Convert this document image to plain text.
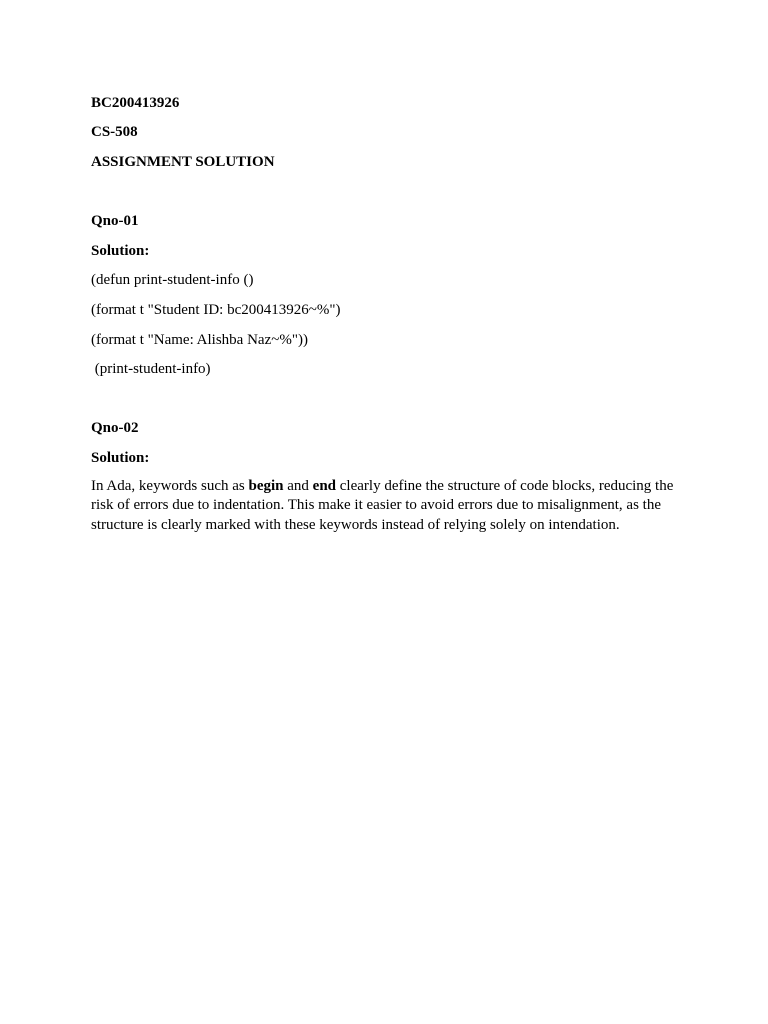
BC200413926
CS-508
ASSIGNMENT SOLUTION
Qno-01
Solution:
(defun print-student-info ()
(format t "Student ID: bc200413926~%")
(format t "Name: Alishba Naz~%"))
(print-student-info)
Qno-02
Solution:
In Ada, keywords such as begin and end clearly define the structure of code blocks, reducing the risk of errors due to indentation. This make it easier to avoid errors due to misalignment, as the structure is clearly marked with these keywords instead of relying solely on intendation.
